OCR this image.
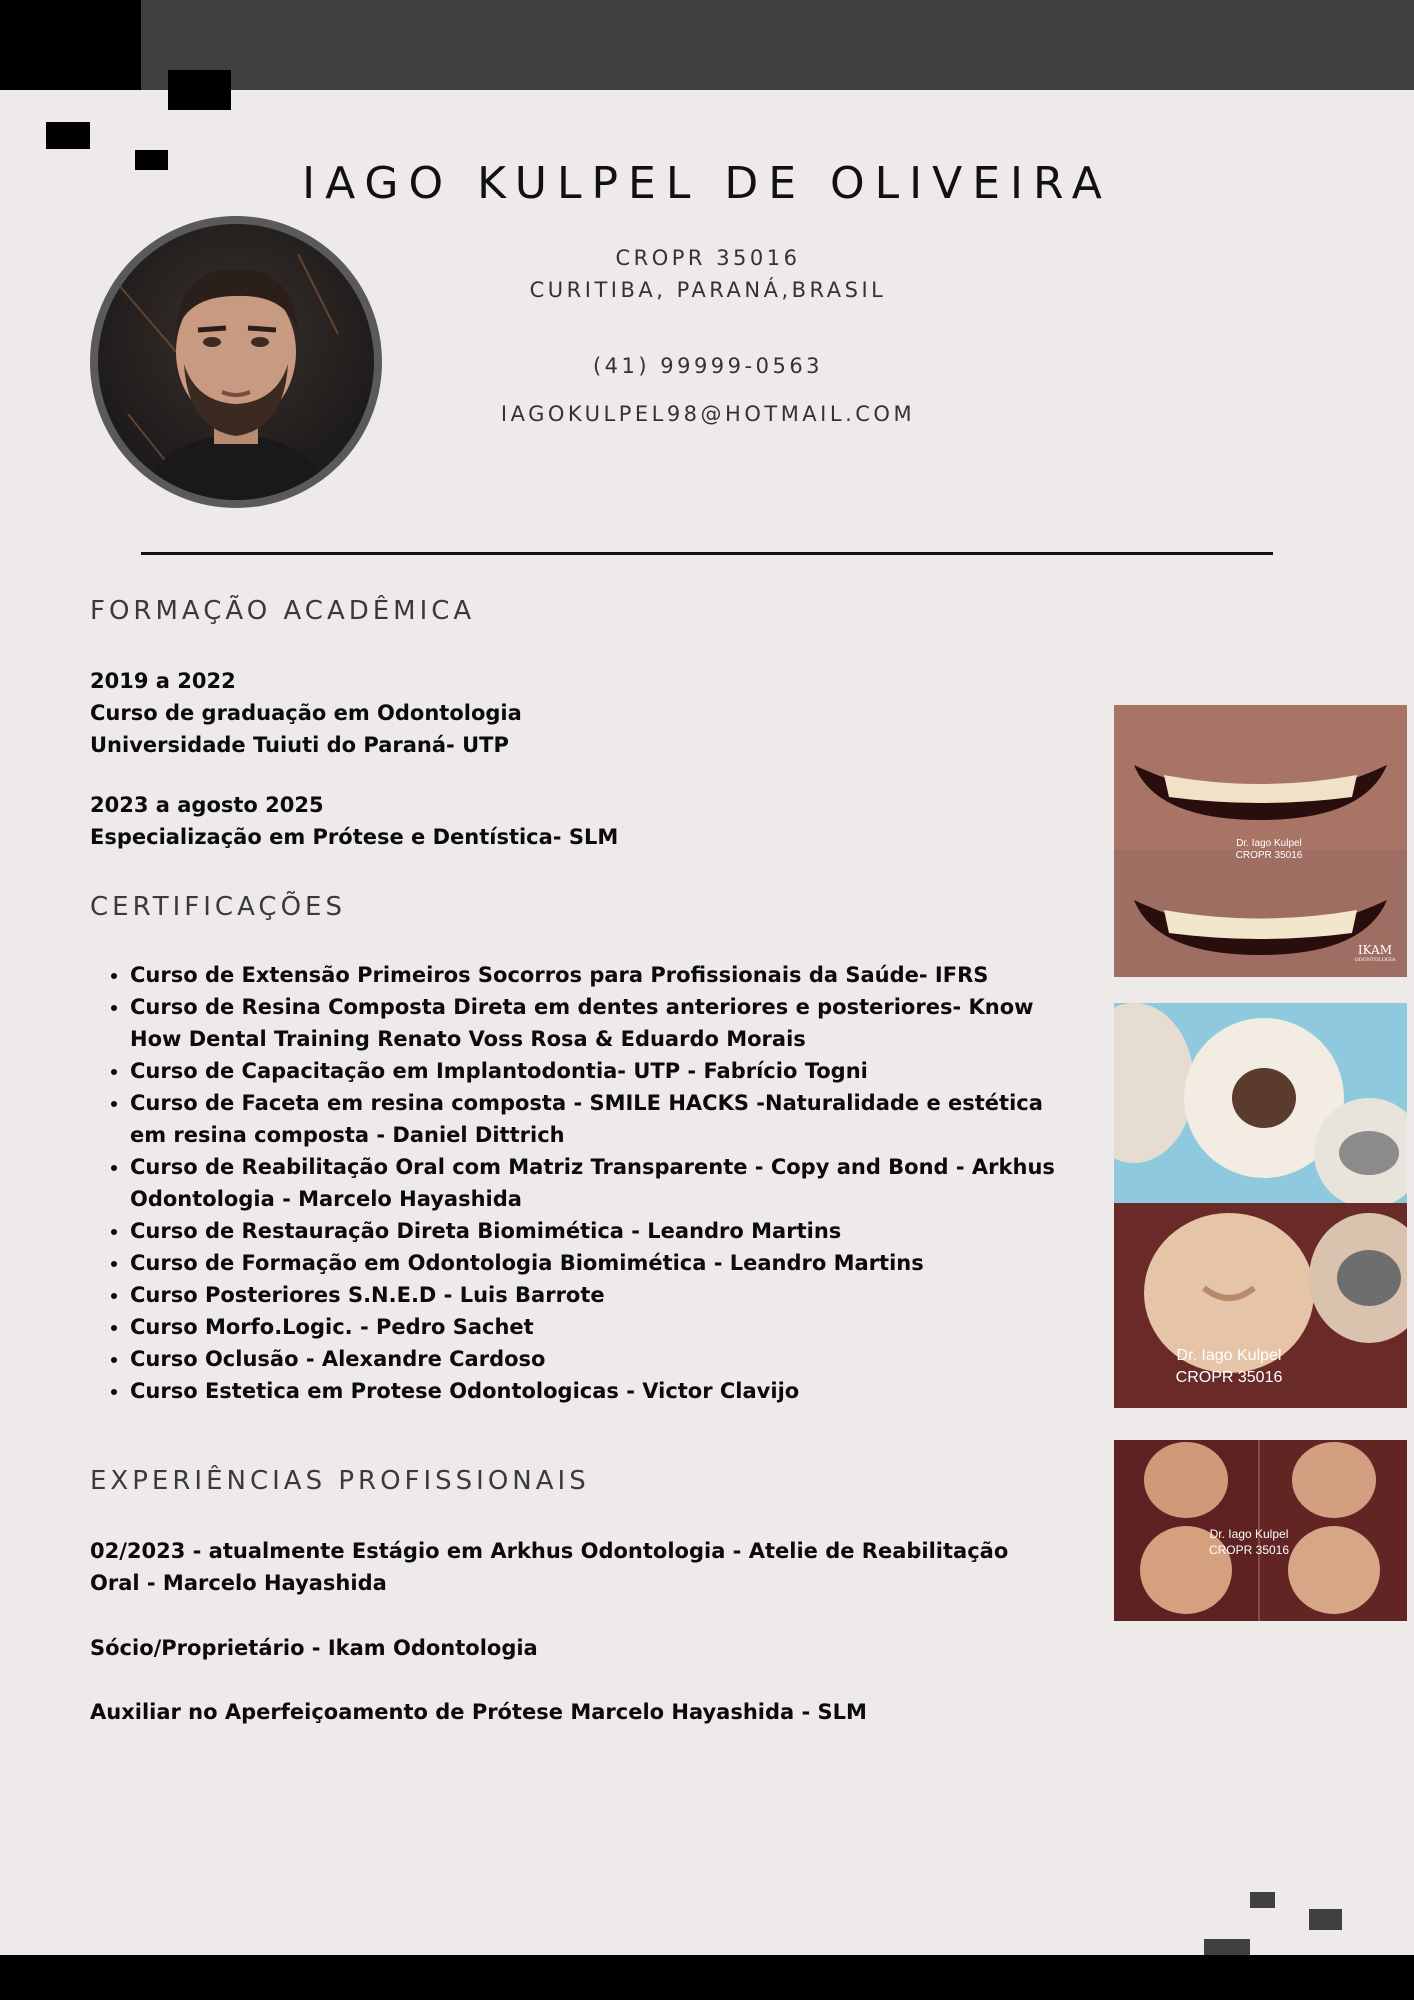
IAGO KULPEL DE OLIVEIRA
CROPR 35016
CURITIBA, PARANÁ,BRASIL
(41) 99999-0563
IAGOKULPEL98@HOTMAIL.COM
FORMAÇÃO ACADÊMICA
2019 a 2022
Curso de graduação em Odontologia
Universidade Tuiuti do Paraná- UTP
2023 a agosto 2025
Especialização em Prótese e Dentística- SLM
CERTIFICAÇÕES
• Curso de Extensão Primeiros Socorros para Profissionais da Saúde- IFRS
• Curso de Resina Composta Direta em dentes anteriores e posteriores- Know How Dental Training Renato Voss Rosa & Eduardo Morais
• Curso de Capacitação em Implantodontia- UTP - Fabrício Togni
• Curso de Faceta em resina composta - SMILE HACKS -Naturalidade e estética em resina composta - Daniel Dittrich
• Curso de Reabilitação Oral com Matriz Transparente - Copy and Bond - Arkhus Odontologia - Marcelo Hayashida
• Curso de Restauração Direta Biomimética - Leandro Martins
• Curso de Formação em Odontologia Biomimética - Leandro Martins
• Curso Posteriores S.N.E.D - Luis Barrote
• Curso Morfo.Logic. - Pedro Sachet
• Curso Oclusão - Alexandre Cardoso
• Curso Estetica em Protese Odontologicas - Victor Clavijo
EXPERIÊNCIAS PROFISSIONAIS
02/2023 - atualmente Estágio em Arkhus Odontologia - Atelie de Reabilitação Oral - Marcelo Hayashida
Sócio/Proprietário - Ikam Odontologia
Auxiliar no Aperfeiçoamento de Prótese Marcelo Hayashida - SLM
Dr. Iago Kulpel
CROPR 35016
IKAM
ODONTOLOGIA
Dr. Iago Kulpel
CROPR 35016
Dr. Iago Kulpel
CROPR 35016
